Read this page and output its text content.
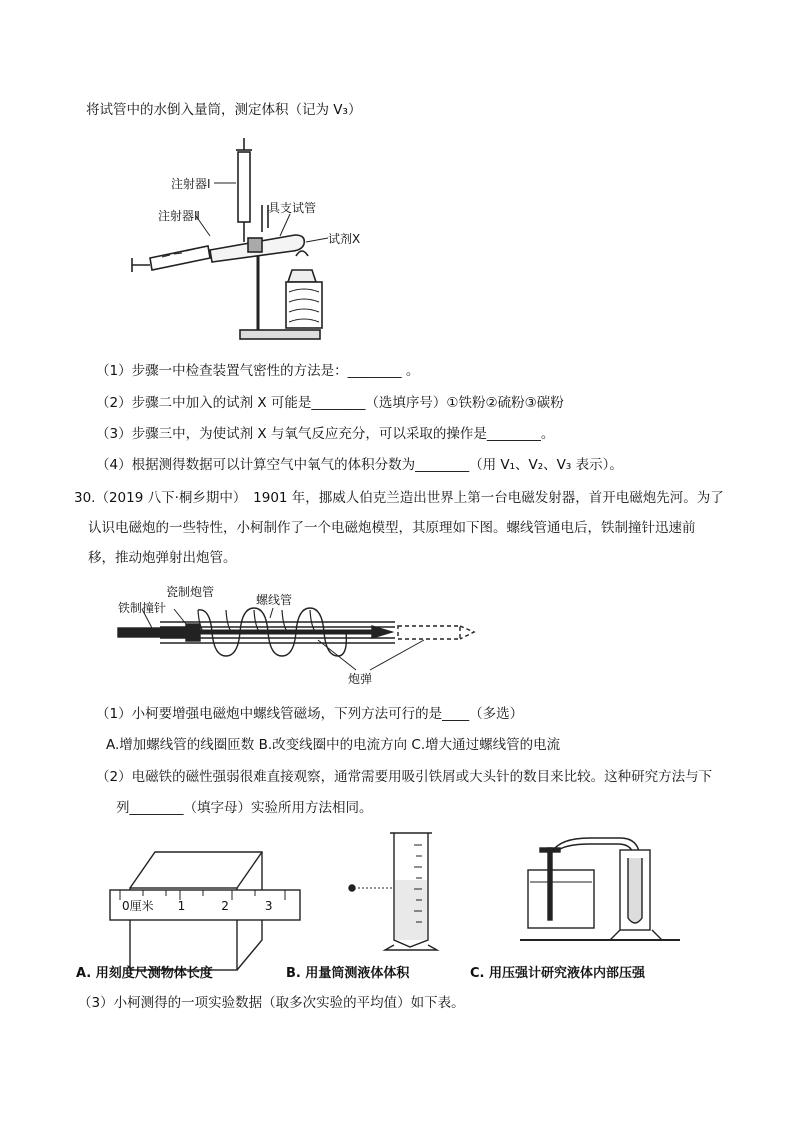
将试管中的水倒入量筒，测定体积（记为 V₃）
注射器Ⅰ
注射器Ⅱ
具支试管
试剂X
（1）步骤一中检查装置气密性的方法是：________ 。
（2）步骤二中加入的试剂 X 可能是________（选填序号）①铁粉②硫粉③碳粉
（3）步骤三中，为使试剂 X 与氧气反应充分，可以采取的操作是________。
（4）根据测得数据可以计算空气中氧气的体积分数为________（用 V₁、V₂、V₃ 表示）。
30.（2019 八下·桐乡期中）　1901 年，挪威人伯克兰造出世界上第一台电磁发射器，首开电磁炮先河。为了
认识电磁炮的一些特性，小柯制作了一个电磁炮模型，其原理如下图。螺线管通电后，铁制撞针迅速前
移，推动炮弹射出炮管。
瓷制炮管
铁制撞针
螺线管
炮弹
（1）小柯要增强电磁炮中螺线管磁场，下列方法可行的是____（多选）
A.增加螺线管的线圈匝数 B.改变线圈中的电流方向 C.增大通过螺线管的电流
（2）电磁铁的磁性强弱很难直接观察，通常需要用吸引铁屑或大头针的数目来比较。这种研究方法与下
列________（填字母）实验所用方法相同。
0厘米　　1　　　2　　　3
A. 用刻度尺测物体长度	B. 用量筒测液体体积	C. 用压强计研究液体内部压强
（3）小柯测得的一项实验数据（取多次实验的平均值）如下表。
